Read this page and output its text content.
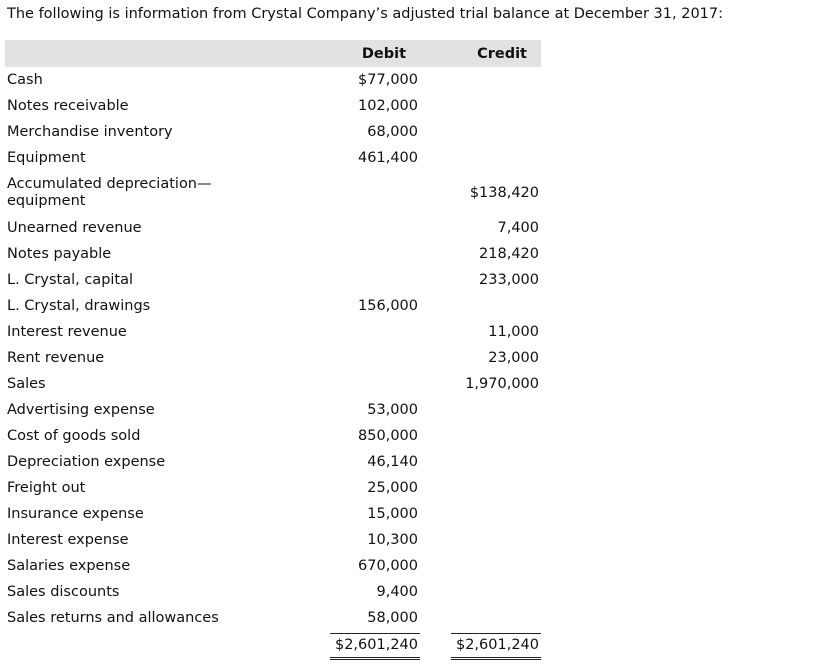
The following is information from Crystal Company’s adjusted trial balance at December 31, 2017:
	Debit	Credit
Cash	$77,000	
Notes receivable	102,000	
Merchandise inventory	68,000	
Equipment	461,400	
Accumulated depreciation— equipment		$138,420
Unearned revenue		7,400
Notes payable		218,420
L. Crystal, capital		233,000
L. Crystal, drawings	156,000	
Interest revenue		11,000
Rent revenue		23,000
Sales		1,970,000
Advertising expense	53,000	
Cost of goods sold	850,000	
Depreciation expense	46,140	
Freight out	25,000	
Insurance expense	15,000	
Interest expense	10,300	
Salaries expense	670,000	
Sales discounts	9,400	
Sales returns and allowances	58,000	
	$2,601,240	$2,601,240
